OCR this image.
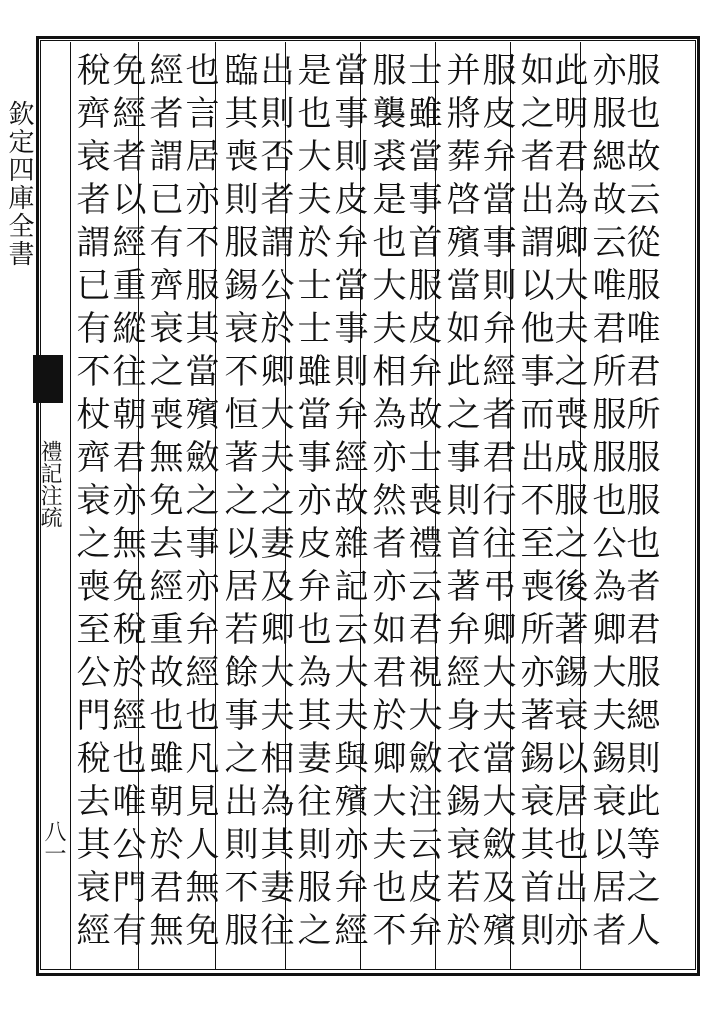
欽定四庫全書
禮記注疏
八一	服也故云從服唯君所服服也者君服緦則此等之人
亦服緦故云唯君所服服也公為卿大夫錫衰以居者
此明君為卿大夫之喪成服之後著錫衰以居也出亦
如之者出謂以他事而出不至喪所亦著錫衰其首則
服皮弁當事則弁經者君行往弔卿大夫當大斂及殯
并將葬啓殯當如此之事則首著弁經身衣錫衰若於
士雖當事首服皮弁故士喪禮云君視大斂注云皮弁
服襲裘是也大夫相為亦然者亦如君於卿大夫也不
當事則皮弁當事則弁經故雜記云大夫與殯亦弁經
是也大夫於士士雖當事亦皮弁也為其妻往則服之
出則否者謂公於卿大夫之妻及卿大夫相為其妻往
臨其喪則服錫衰不恒著之以居若餘事之出則不服
也言居亦不服其當殯斂之事亦弁經也凡見人無免
經者謂已有齊衰之喪無免去經重故也雖朝於君無
免經者以經重縱往朝君亦無免稅於經也唯公門有
稅齊衰者謂已有不杖齊衰之喪至公門稅去其衰經
